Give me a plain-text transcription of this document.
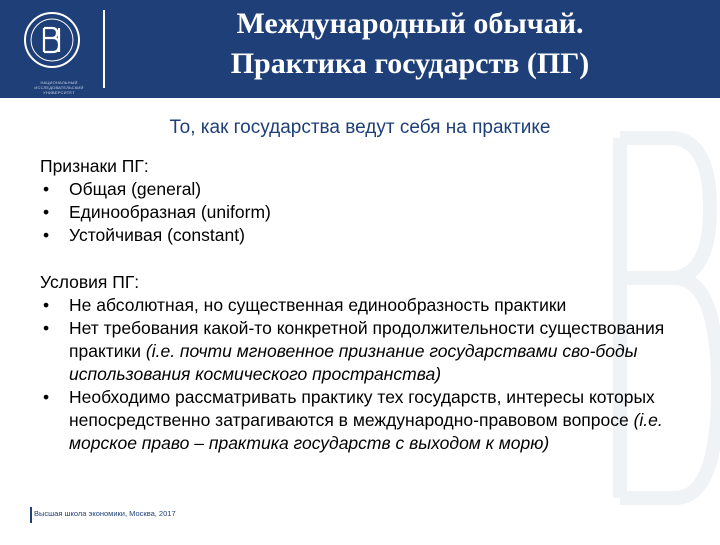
НАЦИОНАЛЬНЫЙ ИССЛЕДОВАТЕЛЬСКИЙ УНИВЕРСИТЕТ
Международный обычай.
Практика государств (ПГ)
То, как государства ведут себя на практике

Признаки ПГ:

• Общая (general)
• Единообразная (uniform)
• Устойчивая (constant)

Условия ПГ:

• Не абсолютная, но существенная единообразность практики
• Нет требования какой-то конкретной продолжительности существования практики (i.e. почти мгновенное признание государствами сво-боды использования космического пространства)
• Необходимо рассматривать практику тех государств, интересы которых непосредственно затрагиваются в международно-правовом вопросе (i.e. морское право – практика государств с выходом к морю)
Высшая школа экономики, Москва, 2017
